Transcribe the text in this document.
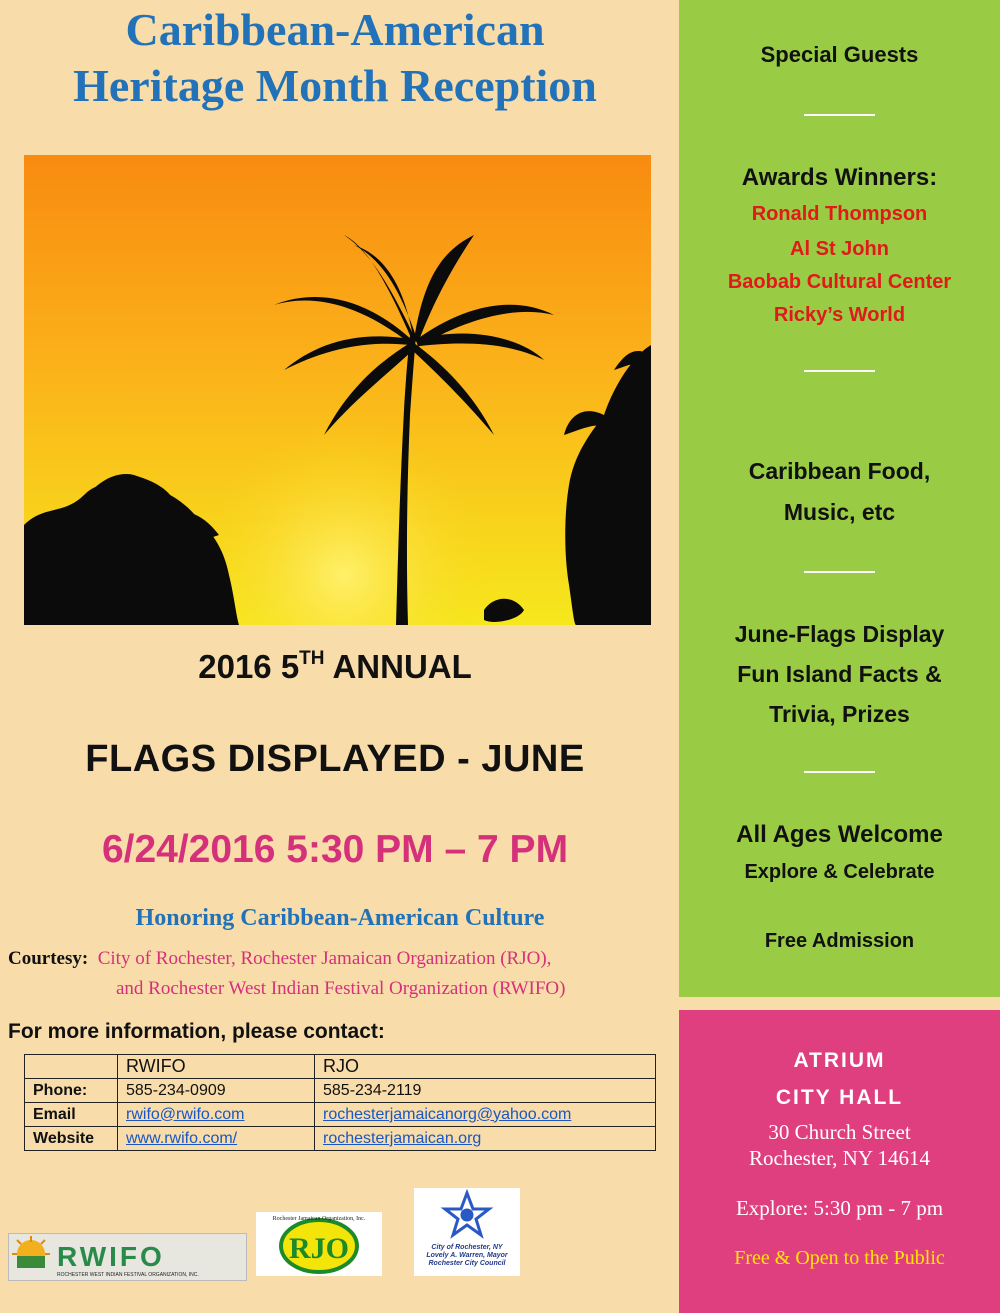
Caribbean-American
Heritage Month Reception
2016 5TH ANNUAL
FLAGS DISPLAYED - JUNE
6/24/2016 5:30 PM – 7 PM
Honoring Caribbean-American Culture
Courtesy: City of Rochester, Rochester Jamaican Organization (RJO),
and Rochester West Indian Festival Organization (RWIFO)
For more information, please contact:
	RWIFO	RJO
Phone:	585-234-0909	585-234-2119
Email	rwifo@rwifo.com	rochesterjamaicanorg@yahoo.com
Website	www.rwifo.com/	rochesterjamaican.org
RWIFO
ROCHESTER WEST INDIAN FESTIVAL ORGANIZATION, INC.
Rochester Jamaican Organization, Inc.
RJO	City of Rochester, NY
Lovely A. Warren, Mayor
Rochester City Council
Special Guests
Awards Winners:
Ronald Thompson
Al St John
Baobab Cultural Center
Ricky’s World
Caribbean Food,
Music, etc
June-Flags Display
Fun Island Facts &
Trivia, Prizes
All Ages Welcome
Explore & Celebrate
Free Admission
ATRIUM
CITY HALL
30 Church Street
Rochester, NY 14614
Explore: 5:30 pm - 7 pm
Free & Open to the Public
